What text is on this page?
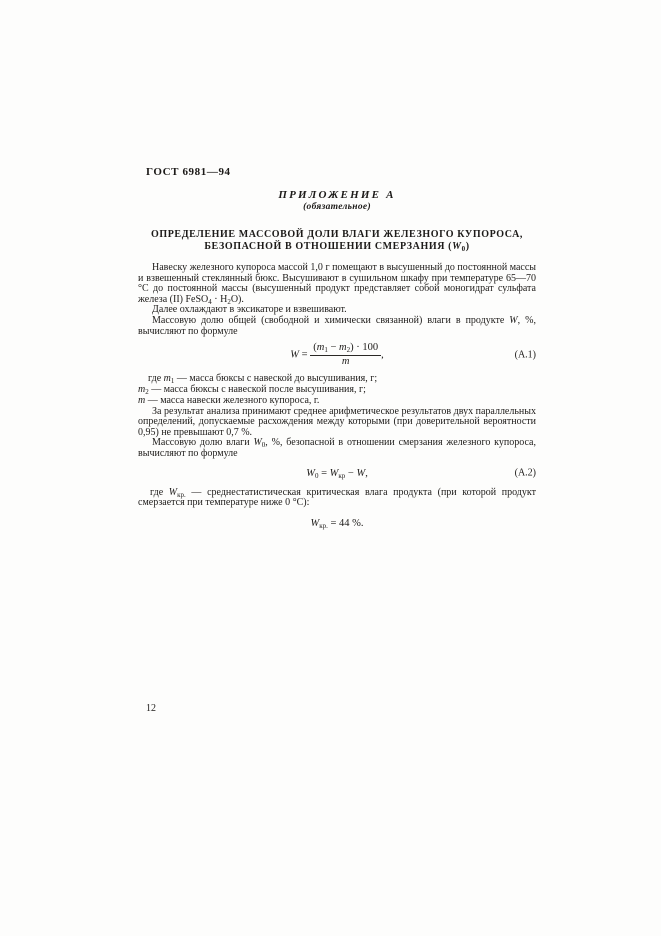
ГОСТ 6981—94
ПРИЛОЖЕНИЕ А
(обязательное)
ОПРЕДЕЛЕНИЕ МАССОВОЙ ДОЛИ ВЛАГИ ЖЕЛЕЗНОГО КУПОРОСА,
БЕЗОПАСНОЙ В ОТНОШЕНИИ СМЕРЗАНИЯ $(W_0)$

Навеску железного купороса массой 1,0 г помещают в высушенный до постоянной массы и взвешенный стеклянный бюкс. Высушивают в сушильном шкафу при температуре 65—70 °С до постоянной массы (высушенный продукт представляет собой моногидрат сульфата железа (II) FeSO$_4$ · $H_2O$).

Далее охлаждают в эксикаторе и взвешивают.

Массовую долю общей (свободной и химически связанной) влаги в продукте W, %, вычисляют по формуле

$W = \frac{(m_1 - m_2) \cdot 100}{m}$ ,	(А.1)
где $m_1$ — масса бюксы с навеской до высушивания, г;
$m_2$ — масса бюксы с навеской после высушивания, г;
m — масса навески железного купороса, г.

За результат анализа принимают среднее арифметическое результатов двух параллельных определений, допускаемые расхождения между которыми (при доверительной вероятности 0,95) не превышают 0,7 %.

Массовую долю влаги $W_0$, %, безопасной в отношении смерзания железного купороса, вычисляют по формуле

$W_0 = W_{кр} - W$,	(А.2)

где $W_{кр.}$ — среднестатистическая критическая влага продукта (при которой продукт смерзается при температуре ниже 0 °С):

$W_{кр.} = 44$ %.
12
